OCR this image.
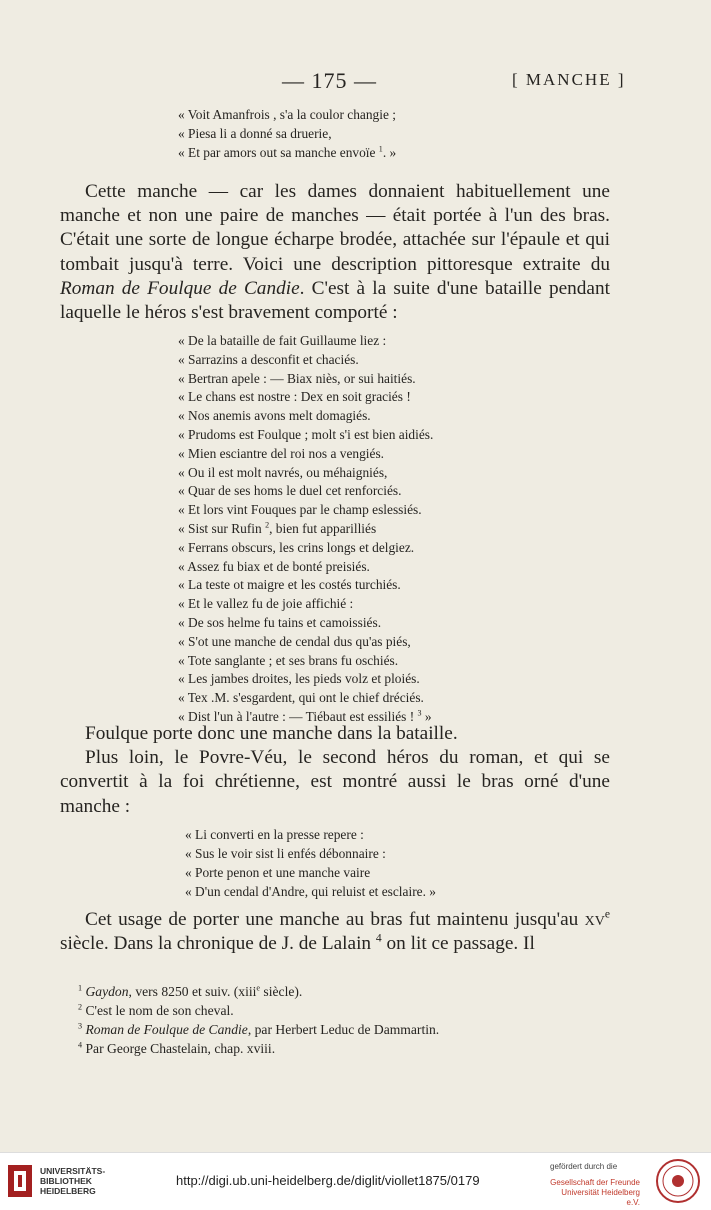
— 175 —	[ MANCHE ]
« Voit Amanfrois , s'a la coulor changie ;
« Piesa li a donné sa druerie,
« Et par amors out sa manche envoïe $^1$. »

Cette manche — car les dames donnaient habituellement une manche et non une paire de manches — était portée à l'un des bras. C'était une sorte de longue écharpe brodée, attachée sur l'épaule et qui tombait jusqu'à terre. Voici une description pittoresque extraite du Roman de Foulque de Candie. C'est à la suite d'une bataille pendant laquelle le héros s'est bravement comporté :

« De la bataille de fait Guillaume liez :
« Sarrazins a desconfit et chaciés.
« Bertran apele : — Biax niès, or sui haitiés.
« Le chans est nostre : Dex en soit graciés !
« Nos anemis avons melt domagiés.
« Prudoms est Foulque ; molt s'i est bien aidiés.
« Mien esciantre del roi nos a vengiés.
« Ou il est molt navrés, ou méhaigniés,
« Quar de ses homs le duel cet renforciés.
« Et lors vint Fouques par le champ eslessiés.
« Sist sur Rufin $^2$, bien fut apparilliés
« Ferrans obscurs, les crins longs et delgiez.
« Assez fu biax et de bonté preisiés.
« La teste ot maigre et les costés turchiés.
« Et le vallez fu de joie affichié :
« De sos helme fu tains et camoissiés.
« S'ot une manche de cendal dus qu'as piés,
« Tote sanglante ; et ses brans fu oschiés.
« Les jambes droites, les pieds volz et ploiés.
« Tex .M. s'esgardent, qui ont le chief dréciés.
« Dist l'un à l'autre : — Tiébaut est essiliés ! $^3$ »

Foulque porte donc une manche dans la bataille.

Plus loin, le Povre-Véu, le second héros du roman, et qui se convertit à la foi chrétienne, est montré aussi le bras orné d'une manche :

« Li converti en la presse repere :
« Sus le voir sist li enfés débonnaire :
« Porte penon et une manche vaire
« D'un cendal d'Andre, qui reluist et esclaire. »

Cet usage de porter une manche au bras fut maintenu jusqu'au $xv^e$ siècle. Dans la chronique de J. de Lalain $^4$ on lit ce passage. Il

$^1$ Gaydon, vers 8250 et suiv. (xiii$^e$ siècle).
$^2$ C'est le nom de son cheval.
$^3$ Roman de Foulque de Candie, par Herbert Leduc de Dammartin.
$^4$ Par George Chastelain, chap. xviii.
UNIVERSITÄTS-
BIBLIOTHEK
HEIDELBERG
http://digi.ub.uni-heidelberg.de/diglit/viollet1875/0179
gefördert durch die
Gesellschaft der Freunde
Universität Heidelberg e.V.
